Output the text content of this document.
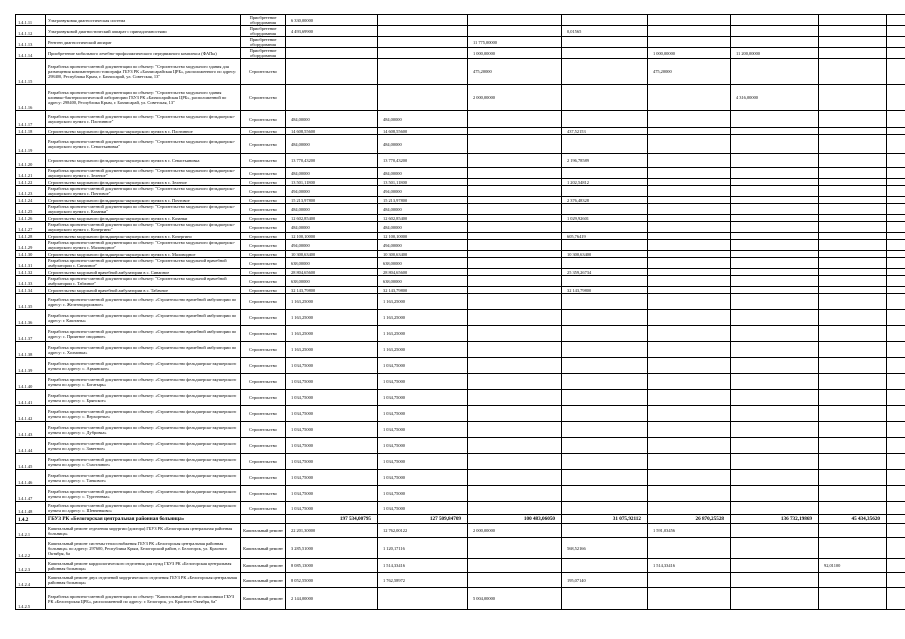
1.4.1.11	Ультразвуковая диагностическая система	Приобретение оборудования	6 330,00000							
1.4.1.12	Ультразвуковой диагностический аппарат с принадлежностями	Приобретение оборудования	4 493,69900			0,01565				
1.4.1.13	Рентген диагностический аппарат	Приобретение оборудования			11 775,00000					
1.4.1.14	Приобретение мобильного лечебно-профилактического передвижного комплекса (ФАПы)	Приобретение оборудования			1 000,00000		1 000,00000	11 200,00000		
1.4.1.15	Разработка проектно-сметной документации по объекту: "Строительство модульного здания для размещения компьютерного томографа ГБУЗ РК «Бахчисарайская ЦРБ», расположенного по адресу: 298400, Республика Крым, г. Бахчисарай, ул. Советская, 13"	Строительство			475,20000		475,20000			
1.4.1.16	Разработка проектно-сметной документации по объекту: "Строительство модульного здания клинико-бактериологической лаборатории ГБУЗ РК «Бахчисарайская ЦРБ», расположенной по адресу: 298400, Республика Крым, г. Бахчисарай, ул. Советская, 13"	Строительство			2 000,00000			4 316,00000		
1.4.1.17	Разработка проектно-сметной документации по объекту: "Строительство модульного фельдшерско-акушерского пункта с. Плотинное"	Строительство	484,00000	484,00000						
1.4.1.18	Строительство модульного фельдшерско-акушерского пункта в с. Плотинное	Строительство	14 608,55600	14 608,55600		437,52153				
1.4.1.19	Разработка проектно-сметной документации по объекту: "Строительство модульного фельдшерско-акушерского пункта с. Севастьяновка"	Строительство	484,00000	484,00000						
1.4.1.20	Строительство модульного фельдшерско-акушерского пункта в с. Севастьяновка	Строительство	13 770,43200	13 770,43200		2 196,78589				
1.4.1.21	Разработка проектно-сметной документации по объекту: "Строительство модульного фельдшерско-акушерского пункта с. Зеленое"	Строительство	484,00000	484,00000						
1.4.1.22	Строительство модульного фельдшерско-акушерского пункта в с. Зеленое	Строительство	13 501,11800	13 501,11800		1 202,54812				
1.4.1.23	Разработка проектно-сметной документации по объекту: "Строительство модульного фельдшерско-акушерского пункта с. Почтовое"	Строительство	494,00000	494,00000						
1.4.1.24	Строительство модульного фельдшерско-акушерского пункта в с. Почтовое	Строительство	15 213,97800	15 213,97800		2 376,48328				
1.4.1.25	Разработка проектно-сметной документации по объекту: "Строительство модульного фельдшерско-акушерского пункта с. Казанки"	Строительство	484,00000	484,00000						
1.4.1.26	Строительство модульного фельдшерско-акушерского пункта в с. Казанки	Строительство	12 602,85400	12 602,85400		1 029,92601				
1.4.1.27	Разработка проектно-сметной документации по объекту: "Строительство модульного фельдшерско-акушерского пункта с. Кочергино"	Строительство	484,00000	484,00000						
1.4.1.28	Строительство модульного фельдшерско-акушерского пункта в с. Кочергино	Строительство	12 100,10000	12 100,10000		605,76419				
1.4.1.29	Разработка проектно-сметной документации по объекту: "Строительство модульного фельдшерско-акушерского пункта с. Маловидное"	Строительство	494,00000	494,00000						
1.4.1.30	Строительство модульного фельдшерско-акушерского пункта в с. Маловидное	Строительство	10 300,63400	10 300,63400		10 300,63400				
1.4.1.31	Разработка проектно-сметной документации по объекту: "Строительство модульной врачебной амбулатории с. Синапное"	Строительство	638,00000	638,00000						
1.4.1.32	Строительство модульной врачебной амбулатории в с. Синапное	Строительство	28 804,65600	28 804,65600		25 359,26734				
1.4.1.33	Разработка проектно-сметной документации по объекту: "Строительство модульной врачебной амбулатории с. Табачное"	Строительство	638,00000	638,00000						
1.4.1.34	Строительство модульной врачебной амбулатории в с. Табачное	Строительство	32 143,79800	32 143,79800		32 143,79800				
1.4.1.35	Разработка проектно-сметной документации по объекту: «Строительство врачебной амбулатории по адресу: с. Железнодорожное»	Строительство	1 163,25000	1 163,25000						
1.4.1.36	Разработка проектно-сметной документации по объекту: «Строительство врачебной амбулатории по адресу: г. Каштаны»	Строительство	1 163,25000	1 163,25000						
1.4.1.37	Разработка проектно-сметной документации по объекту: «Строительство врачебной амбулатории по адресу: с. Приятное свидание»	Строительство	1 163,25000	1 163,25000						
1.4.1.38	Разработка проектно-сметной документации по объекту: «Строительство врачебной амбулатории по адресу: с. Холмовка»	Строительство	1 163,25000	1 163,25000						
1.4.1.39	Разработка проектно-сметной документации по объекту: «Строительство фельдшерско-акушерского пункта по адресу: с. Армянское»	Строительство	1 034,75000	1 034,75000						
1.4.1.40	Разработка проектно-сметной документации по объекту: «Строительство фельдшерско-акушерского пункта по адресу: с. Богатырь»	Строительство	1 034,75000	1 034,75000						
1.4.1.41	Разработка проектно-сметной документации по объекту: «Строительство фельдшерско-акушерского пункта по адресу: с. Брянское»	Строительство	1 034,75000	1 034,75000						
1.4.1.42	Разработка проектно-сметной документации по объекту: «Строительство фельдшерско-акушерского пункта по адресу: с. Верхоречье»	Строительство	1 034,75000	1 034,75000						
1.4.1.43	Разработка проектно-сметной документации по объекту: «Строительство фельдшерско-акушерского пункта по адресу: с. Дубровка»	Строительство	1 034,75000	1 034,75000						
1.4.1.44	Разработка проектно-сметной документации по объекту: «Строительство фельдшерско-акушерского пункта по адресу: с. Заветное»	Строительство	1 034,75000	1 034,75000						
1.4.1.45	Разработка проектно-сметной документации по объекту: «Строительство фельдшерско-акушерского пункта по адресу: с. Счастливое»	Строительство	1 034,75000	1 034,75000						
1.4.1.46	Разработка проектно-сметной документации по объекту: «Строительство фельдшерско-акушерского пункта по адресу: с. Танковое»	Строительство	1 034,75000	1 034,75000						
1.4.1.47	Разработка проектно-сметной документации по объекту: «Строительство фельдшерско-акушерского пункта по адресу: с. Тургеневка»	Строительство	1 034,75000	1 034,75000						
1.4.1.48	Разработка проектно-сметной документации по объекту: «Строительство фельдшерско-акушерского пункта по адресу: с. Шевченково»	Строительство	1 034,75000	1 034,75000						
1.4.2	ГБУЗ РК «Белогорская центральная районная больница»		197 534,00795	127 509,84709	100 483,06050	31 075,92112	26 870,25528	136 732,19869	45 434,35620	
1.4.2.1	Капитальный ремонт отделения хирургии (доктора) ГБУЗ РК «Белогорская центральная районная больница»	Капитальный ремонт	22 201,30000	12 762,00122	2 000,00000		1 591,03456			
1.4.2.2	Капитальный ремонт системы теплоснабжения ГБУЗ РК «Белогорская центральная районная больница» по адресу: 297600, Республика Крым, Белогорский район, г. Белогорск, ул. Красного Октября, 6a	Капитальный ремонт	3 285,51000	1 120,17116		568,52166				
1.4.2.3	Капитальный ремонт кардиологического отделения для нужд ГБУЗ РК «Белогорская центральная районная больница»	Капитальный ремонт	8 085,13000	1 514,33416			1 514,33416		92,01100	
1.4.2.4	Капитальный ремонт двух отделений хирургического отделения ГБУЗ РК «Белогорская центральная районная больница»	Капитальный ремонт	8 052,55000	1 762,58972		195,07140				
1.4.2.5	Разработка проектно-сметной документации по объекту: "Капитальный ремонт поликлиники ГБУЗ РК «Белогорская ЦРБ», расположенной по адресу: г. Белогорск, ул. Красного Октября, 6a"	Капитальный ремонт	2 144,00000		5 004,00000					
